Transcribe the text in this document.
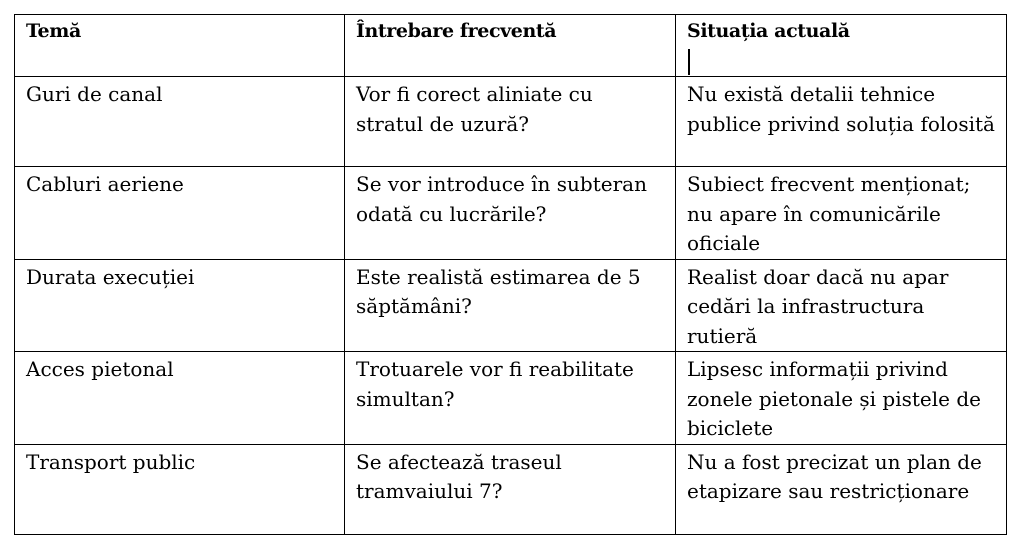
Temă	Întrebare frecventă	Situația actuală

Guri de canal	Vor fi corect aliniate cu stratul de uzură?	Nu există detalii tehnice publice privind soluția folosită
Cabluri aeriene	Se vor introduce în subteran odată cu lucrările?	Subiect frecvent menționat; nu apare în comunicările oficiale
Durata execuției	Este realistă estimarea de 5 săptămâni?	Realist doar dacă nu apar cedări la infrastructura rutieră
Acces pietonal	Trotuarele vor fi reabilitate simultan?	Lipsesc informații privind zonele pietonale și pistele de biciclete
Transport public	Se afectează traseul tramvaiului 7?	Nu a fost precizat un plan de etapizare sau restricționare
